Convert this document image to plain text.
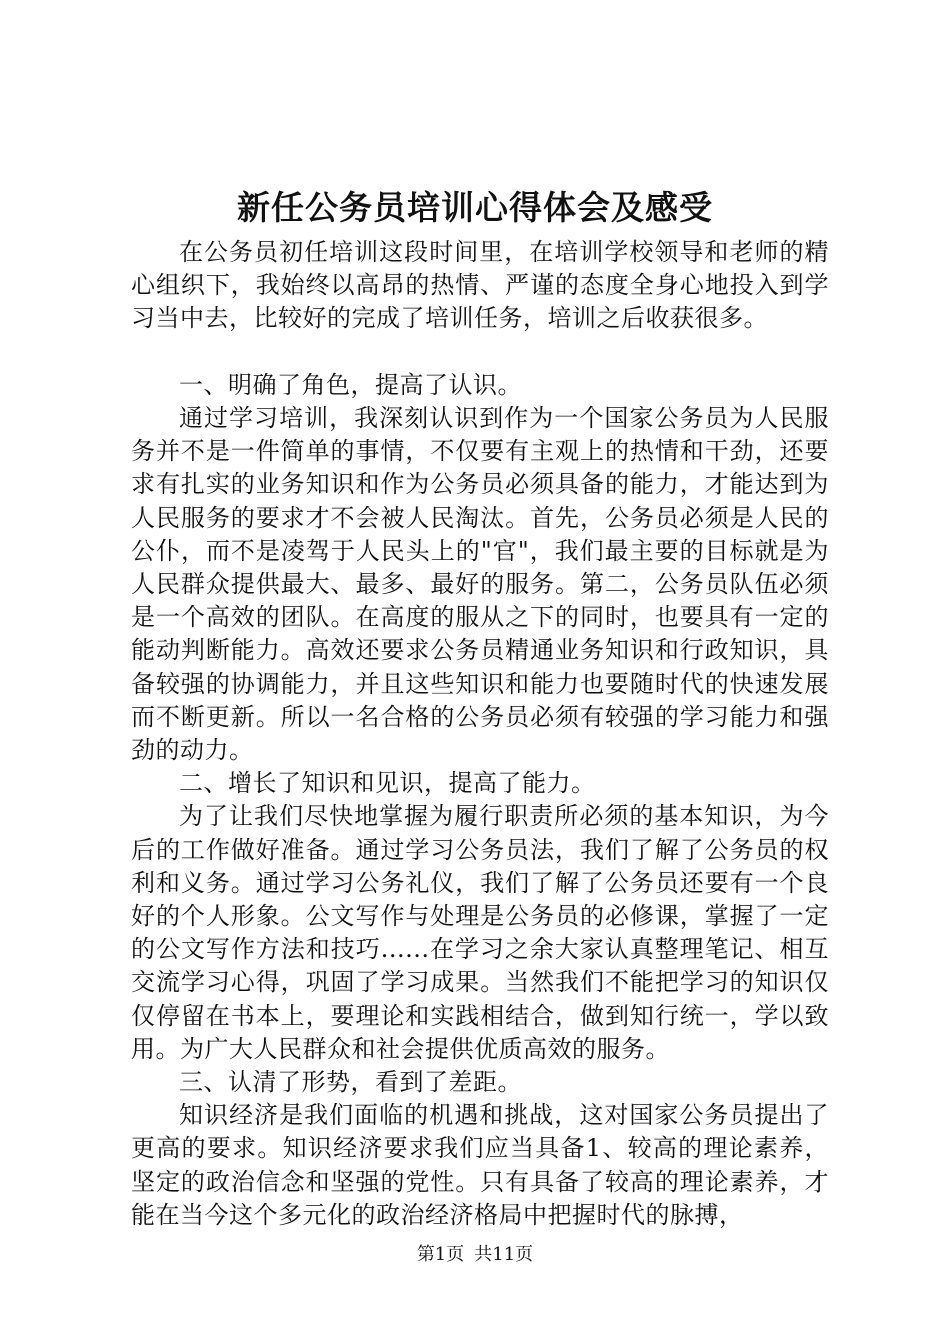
新任公务员培训心得体会及感受

在公务员初任培训这段时间里，在培训学校领导和老师的精心组织下，我始终以高昂的热情、严谨的态度全身心地投入到学习当中去，比较好的完成了培训任务，培训之后收获很多。

一、明确了角色，提高了认识。

通过学习培训，我深刻认识到作为一个国家公务员为人民服务并不是一件简单的事情，不仅要有主观上的热情和干劲，还要求有扎实的业务知识和作为公务员必须具备的能力，才能达到为人民服务的要求才不会被人民淘汰。首先，公务员必须是人民的公仆，而不是凌驾于人民头上的"官"，我们最主要的目标就是为人民群众提供最大、最多、最好的服务。第二，公务员队伍必须是一个高效的团队。在高度的服从之下的同时，也要具有一定的能动判断能力。高效还要求公务员精通业务知识和行政知识，具备较强的协调能力，并且这些知识和能力也要随时代的快速发展而不断更新。所以一名合格的公务员必须有较强的学习能力和强劲的动力。

二、增长了知识和见识，提高了能力。

为了让我们尽快地掌握为履行职责所必须的基本知识，为今后的工作做好准备。通过学习公务员法，我们了解了公务员的权利和义务。通过学习公务礼仪，我们了解了公务员还要有一个良好的个人形象。公文写作与处理是公务员的必修课，掌握了一定的公文写作方法和技巧......在学习之余大家认真整理笔记、相互交流学习心得，巩固了学习成果。当然我们不能把学习的知识仅仅停留在书本上，要理论和实践相结合，做到知行统一，学以致用。为广大人民群众和社会提供优质高效的服务。

三、认清了形势，看到了差距。

知识经济是我们面临的机遇和挑战，这对国家公务员提出了更高的要求。知识经济要求我们应当具备1、较高的理论素养，坚定的政治信念和坚强的党性。只有具备了较高的理论素养，才能在当今这个多元化的政治经济格局中把握时代的脉搏，

第1页 共11页
